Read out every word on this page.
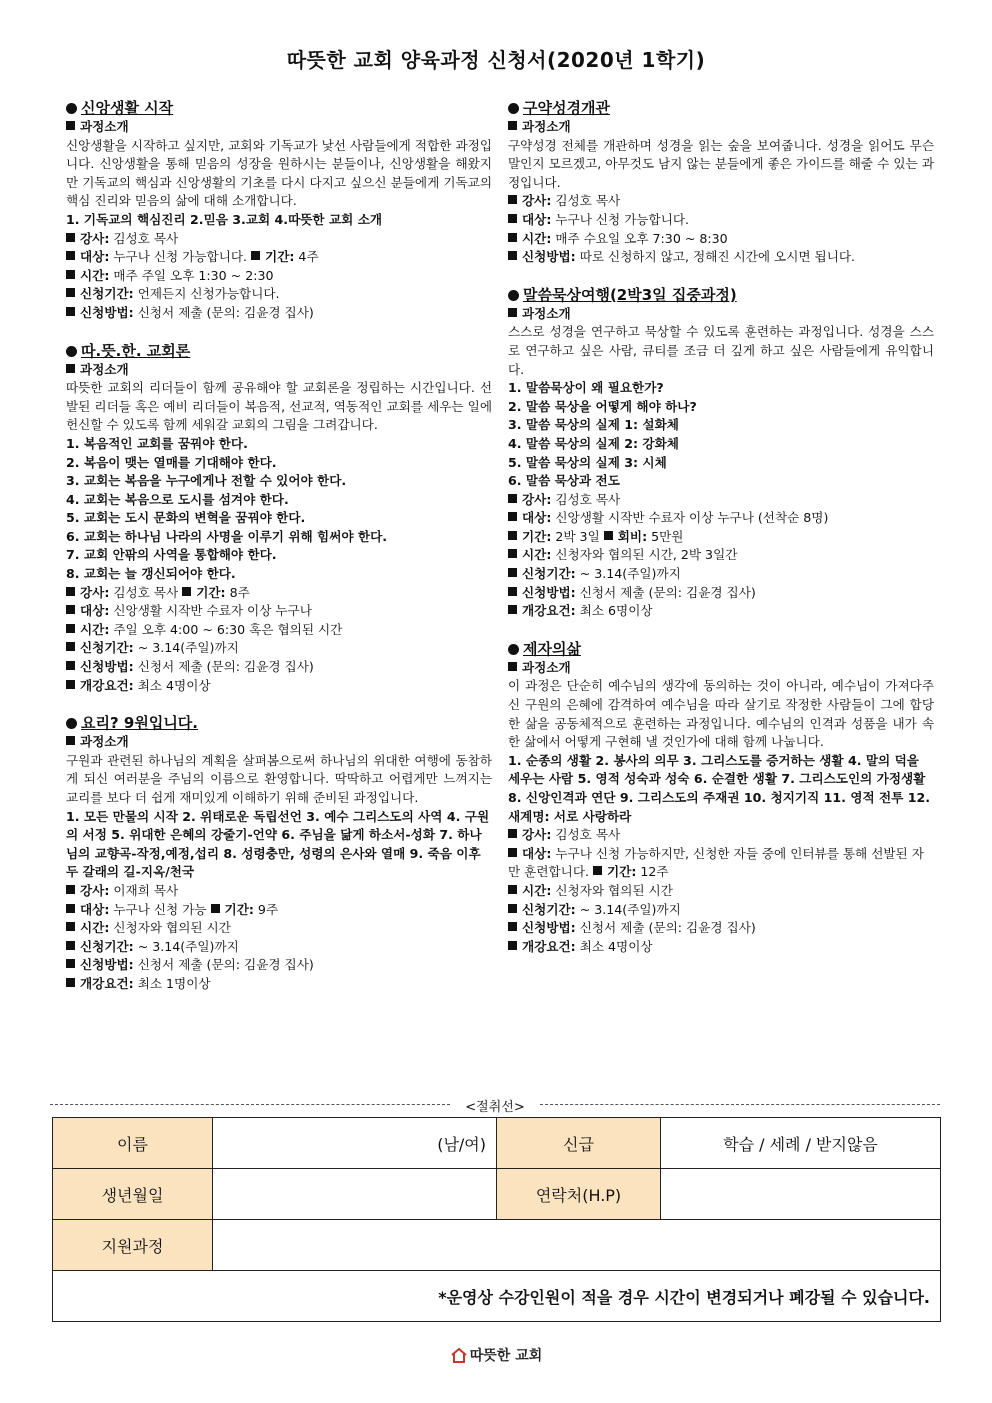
따뜻한 교회 양육과정 신청서(2020년 1학기)
신앙생활 시작
과정소개
신앙생활을 시작하고 싶지만, 교회와 기독교가 낯선 사람들에게 적합한 과정입니다. 신앙생활을 통해 믿음의 성장을 원하시는 분들이나, 신앙생활을 해왔지만 기독교의 핵심과 신앙생활의 기초를 다시 다지고 싶으신 분들에게 기독교의 핵심 진리와 믿음의 삶에 대해 소개합니다.
1. 기독교의 핵심진리 2.믿음 3.교회 4.따뜻한 교회 소개
강사: 김성호 목사
대상: 누구나 신청 가능합니다. 기간: 4주
시간: 매주 주일 오후 1:30 ~ 2:30
신청기간: 언제든지 신청가능합니다.
신청방법: 신청서 제출 (문의: 김윤경 집사)
따.뜻.한. 교회론
과정소개
따뜻한 교회의 리더들이 함께 공유해야 할 교회론을 정립하는 시간입니다. 선발된 리더들 혹은 예비 리더들이 복음적, 선교적, 역동적인 교회를 세우는 일에 헌신할 수 있도록 함께 세워갈 교회의 그림을 그려갑니다.
1. 복음적인 교회를 꿈꿔야 한다.
2. 복음이 맺는 열매를 기대해야 한다.
3. 교회는 복음을 누구에게나 전할 수 있어야 한다.
4. 교회는 복음으로 도시를 섬겨야 한다.
5. 교회는 도시 문화의 변혁을 꿈꿔야 한다.
6. 교회는 하나님 나라의 사명을 이루기 위해 힘써야 한다.
7. 교회 안팎의 사역을 통합해야 한다.
8. 교회는 늘 갱신되어야 한다.
강사: 김성호 목사 기간: 8주
대상: 신앙생활 시작반 수료자 이상 누구나
시간: 주일 오후 4:00 ~ 6:30 혹은 협의된 시간
신청기간: ~ 3.14(주일)까지
신청방법: 신청서 제출 (문의: 김윤경 집사)
개강요건: 최소 4명이상
요리? 9원입니다.
과정소개
구원과 관련된 하나님의 계획을 살펴봄으로써 하나님의 위대한 여행에 동참하게 되신 여러분을 주님의 이름으로 환영합니다. 딱딱하고 어렵게만 느껴지는 교리를 보다 더 쉽게 재미있게 이해하기 위해 준비된 과정입니다.
1. 모든 만물의 시작 2. 위태로운 독립선언 3. 예수 그리스도의 사역 4. 구원의 서정 5. 위대한 은혜의 강줄기-언약 6. 주님을 닮게 하소서-성화 7. 하나님의 교향곡-작정,예정,섭리 8. 성령충만, 성령의 은사와 열매 9. 죽음 이후 두 갈래의 길-지옥/천국
강사: 이재희 목사
대상: 누구나 신청 가능 기간: 9주
시간: 신청자와 협의된 시간
신청기간: ~ 3.14(주일)까지
신청방법: 신청서 제출 (문의: 김윤경 집사)
개강요건: 최소 1명이상
구약성경개관
과정소개
구약성경 전체를 개관하며 성경을 읽는 숲을 보여줍니다. 성경을 읽어도 무슨 말인지 모르겠고, 아무것도 남지 않는 분들에게 좋은 가이드를 해줄 수 있는 과정입니다.
강사: 김성호 목사
대상: 누구나 신청 가능합니다.
시간: 매주 수요일 오후 7:30 ~ 8:30
신청방법: 따로 신청하지 않고, 정해진 시간에 오시면 됩니다.
말씀묵상여행(2박3일 집중과정)
과정소개
스스로 성경을 연구하고 묵상할 수 있도록 훈련하는 과정입니다. 성경을 스스로 연구하고 싶은 사람, 큐티를 조금 더 깊게 하고 싶은 사람들에게 유익합니다.
1. 말씀묵상이 왜 필요한가?
2. 말씀 묵상을 어떻게 해야 하나?
3. 말씀 묵상의 실제 1: 설화체
4. 말씀 묵상의 실제 2: 강화체
5. 말씀 묵상의 실제 3: 시체
6. 말씀 묵상과 전도
강사: 김성호 목사
대상: 신앙생활 시작반 수료자 이상 누구나 (선착순 8명)
기간: 2박 3일 회비: 5만원
시간: 신청자와 협의된 시간, 2박 3일간
신청기간: ~ 3.14(주일)까지
신청방법: 신청서 제출 (문의: 김윤경 집사)
개강요건: 최소 6명이상
제자의삶
과정소개
이 과정은 단순히 예수님의 생각에 동의하는 것이 아니라, 예수님이 가져다주신 구원의 은혜에 감격하여 예수님을 따라 살기로 작정한 사람들이 그에 합당한 삶을 공동체적으로 훈련하는 과정입니다. 예수님의 인격과 성품을 내가 속한 삶에서 어떻게 구현해 낼 것인가에 대해 함께 나눕니다.
1. 순종의 생활 2. 봉사의 의무 3. 그리스도를 증거하는 생활 4. 말의 덕을 세우는 사람 5. 영적 성숙과 성숙 6. 순결한 생활 7. 그리스도인의 가정생활 8. 신앙인격과 연단 9. 그리스도의 주재권 10. 청지기직 11. 영적 전투 12. 새계명: 서로 사랑하라
강사: 김성호 목사
대상: 누구나 신청 가능하지만, 신청한 자들 중에 인터뷰를 통해 선발된 자만 훈련합니다. 기간: 12주
시간: 신청자와 협의된 시간
신청기간: ~ 3.14(주일)까지
신청방법: 신청서 제출 (문의: 김윤경 집사)
개강요건: 최소 4명이상
<절취선>
이름	(남/여)	신급	학습 / 세례 / 받지않음
생년월일		연락처(H.P)	
지원과정			
*운영상 수강인원이 적을 경우 시간이 변경되거나 폐강될 수 있습니다.			
따뜻한 교회
